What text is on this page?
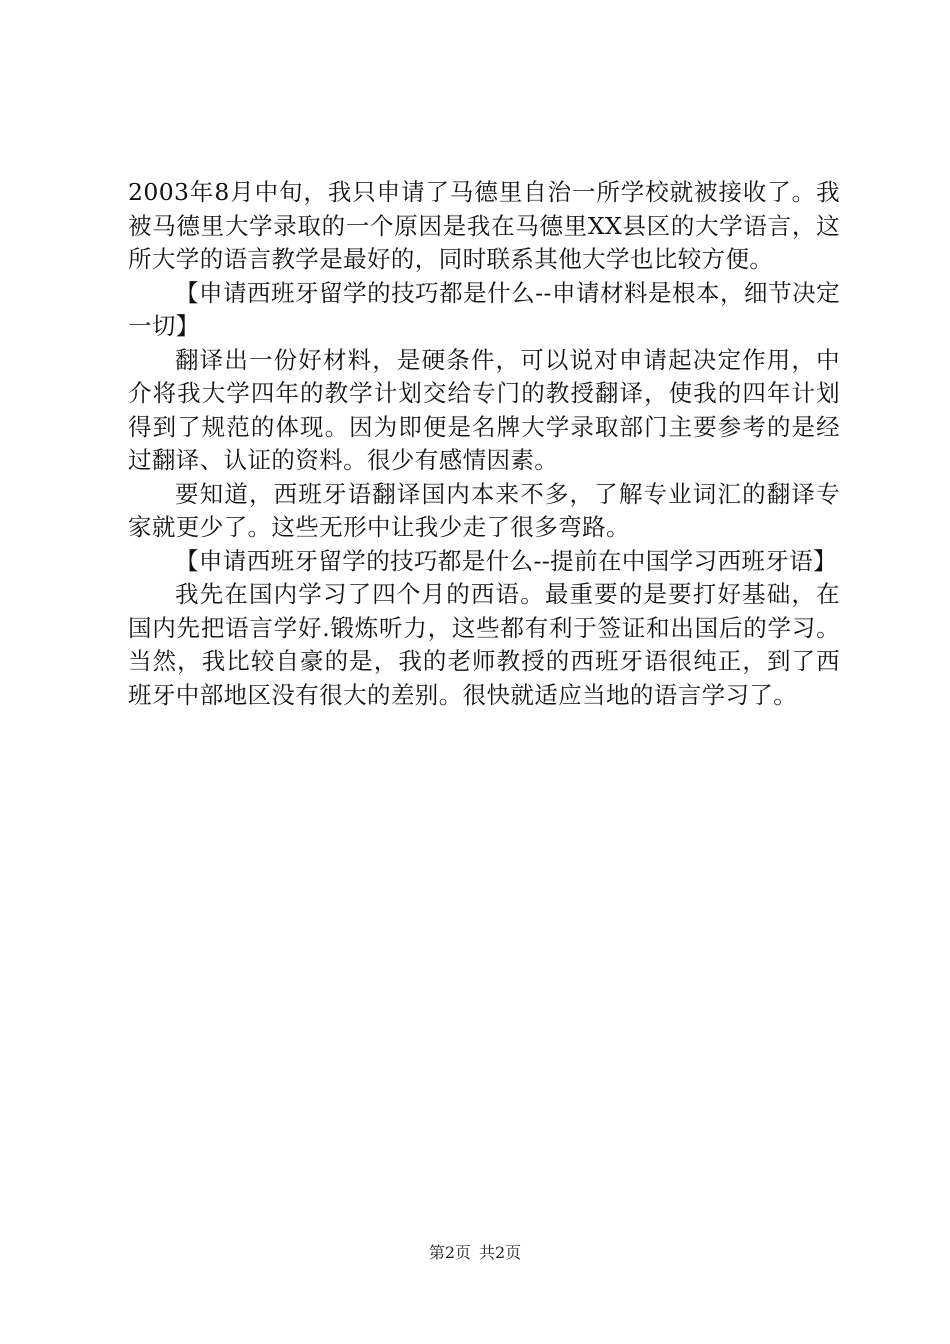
2003年8月中旬，我只申请了马德里自治一所学校就被接收了。我被马德里大学录取的一个原因是我在马德里XX县区的大学语言，这所大学的语言教学是最好的，同时联系其他大学也比较方便。

【申请西班牙留学的技巧都是什么--申请材料是根本，细节决定一切】

翻译出一份好材料，是硬条件，可以说对申请起决定作用，中介将我大学四年的教学计划交给专门的教授翻译，使我的四年计划得到了规范的体现。因为即便是名牌大学录取部门主要参考的是经过翻译、认证的资料。很少有感情因素。

要知道，西班牙语翻译国内本来不多，了解专业词汇的翻译专家就更少了。这些无形中让我少走了很多弯路。

【申请西班牙留学的技巧都是什么--提前在中国学习西班牙语】

我先在国内学习了四个月的西语。最重要的是要打好基础，在国内先把语言学好.锻炼听力，这些都有利于签证和出国后的学习。当然，我比较自豪的是，我的老师教授的西班牙语很纯正，到了西班牙中部地区没有很大的差别。很快就适应当地的语言学习了。

第2页 共2页
